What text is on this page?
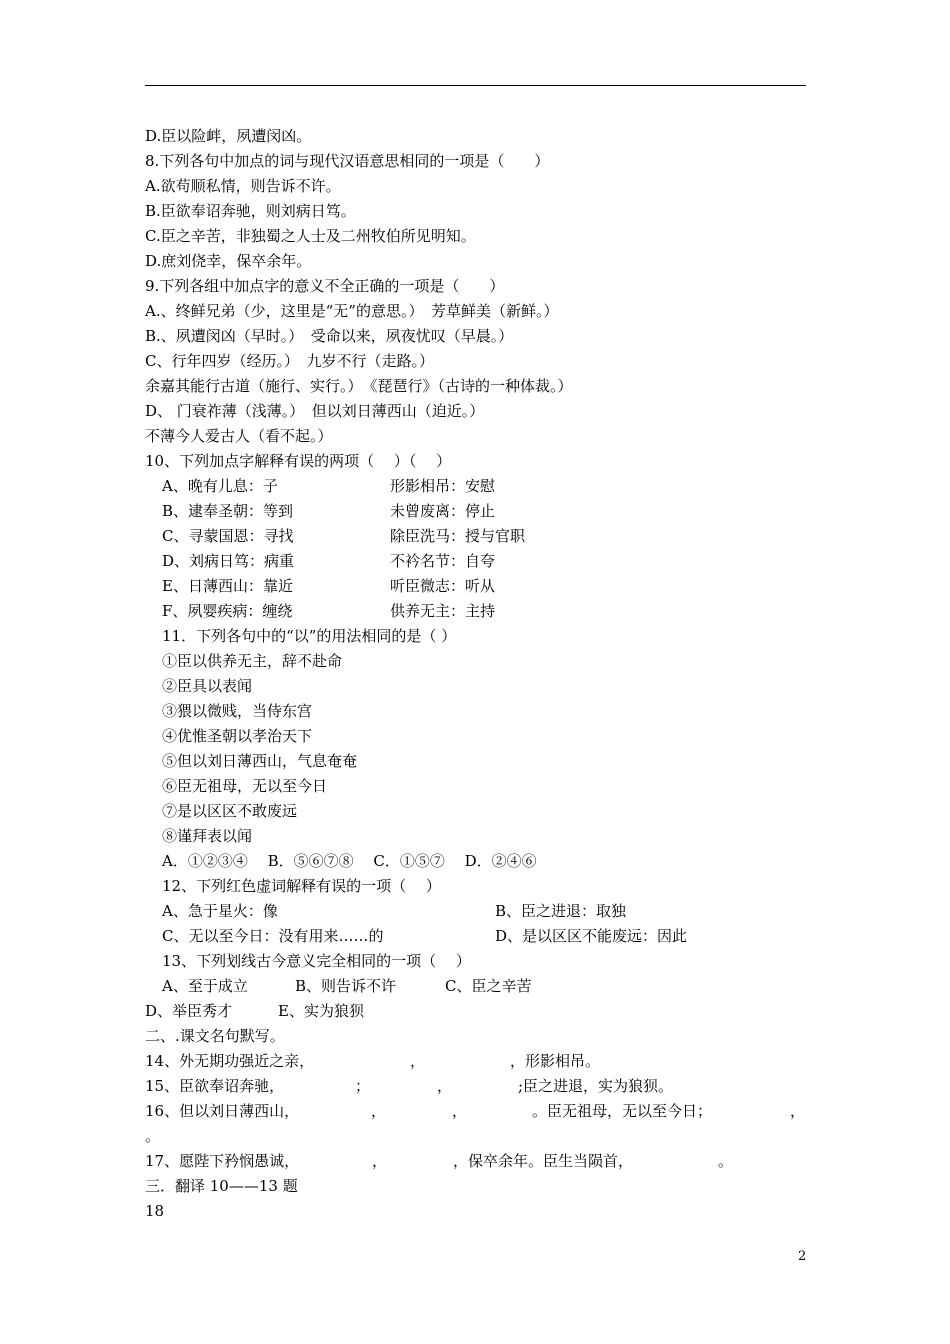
D.臣以险衅，夙遭闵凶。
8.下列各句中加点的词与现代汉语意思相同的一项是（　　）
A.欲苟顺私情，则告诉不许。
B.臣欲奉诏奔驰，则刘病日笃。
C.臣之辛苦，非独蜀之人士及二州牧伯所见明知。
D.庶刘侥幸，保卒余年。
9.下列各组中加点字的意义不全正确的一项是（　　）
A.、终鲜兄弟（少，这里是“无”的意思。）　芳草鲜美（新鲜。）
B.、夙遭闵凶（早时。）　受命以来，夙夜忧叹（早晨。）
C、行年四岁（经历。）　九岁不行（走路。）
余嘉其能行古道（施行、实行。）　《琵琶行》（古诗的一种体裁。）
D、 门衰祚薄（浅薄。）　但以刘日薄西山（迫近。）
不薄今人爱古人（看不起。）
10、下列加点字解释有误的两项（　 ）（　 ）
A、晚有儿息：子	形影相吊：安慰
B、逮奉圣朝：等到	未曾废离：停止
C、寻蒙国恩：寻找	除臣洗马：授与官职
D、刘病日笃：病重	不衿名节：自夸
E、日薄西山：靠近	听臣微志：听从
F、夙婴疾病：缠绕	供养无主：主持
11．下列各句中的“以”的用法相同的是（ ）
①臣以供养无主，辞不赴命
②臣具以表闻
③猥以微贱，当侍东宫
④优惟圣朝以孝治天下
⑤但以刘日薄西山，气息奄奄
⑥臣无祖母，无以至今日
⑦是以区区不敢废远
⑧谨拜表以闻
A．①②③④　 B．⑤⑥⑦⑧　 C．①⑤⑦　 D．②④⑥
12、下列红色虚词解释有误的一项（　 ）
A、急于星火：像	B、臣之进退：取独
C、无以至今日：没有用来……的	D、是以区区不能废远：因此
13、下列划线古今意义完全相同的一项（　 ）
A、至于成立	B、则告诉不许	C、臣之辛苦
D、举臣秀才	E、实为狼狈
二、.课文名句默写。
14、外无期功强近之亲，	，	，形影相吊。
15、臣欲奉诏奔驰，	；	，	;臣之进退，实为狼狈。
16、但以刘日薄西山，	，	，	。臣无祖母，无以至今日；	，
。
17、愿陛下矜悯愚诚，	，	，保卒余年。臣生当陨首，	。
三．翻译 10——13 题
18
2
